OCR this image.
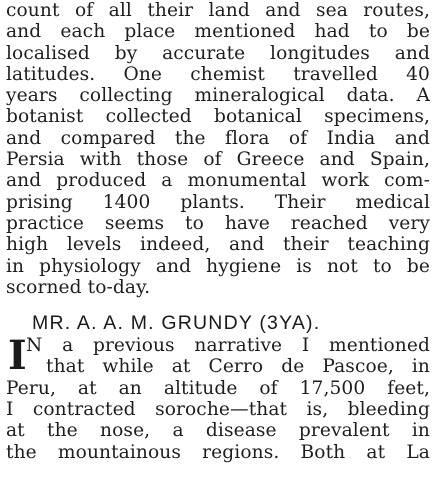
count of all their land and sea routes,
and each place mentioned had to be
localised by accurate longitudes and
latitudes. One chemist travelled 40
years collecting mineralogical data. A
botanist collected botanical specimens,
and compared the flora of India and
Persia with those of Greece and Spain,
and produced a monumental work com-
prising 1400 plants. Their medical
practice seems to have reached very
high levels indeed, and their teaching
in physiology and hygiene is not to be
scorned to-day.
MR. A. A. M. GRUNDY (3YA).
I N a previous narrative I mentioned
that while at Cerro de Pascoe, in
Peru, at an altitude of 17,500 feet,
I contracted soroche—that is, bleeding
at the nose, a disease prevalent in
the mountainous regions. Both at La
